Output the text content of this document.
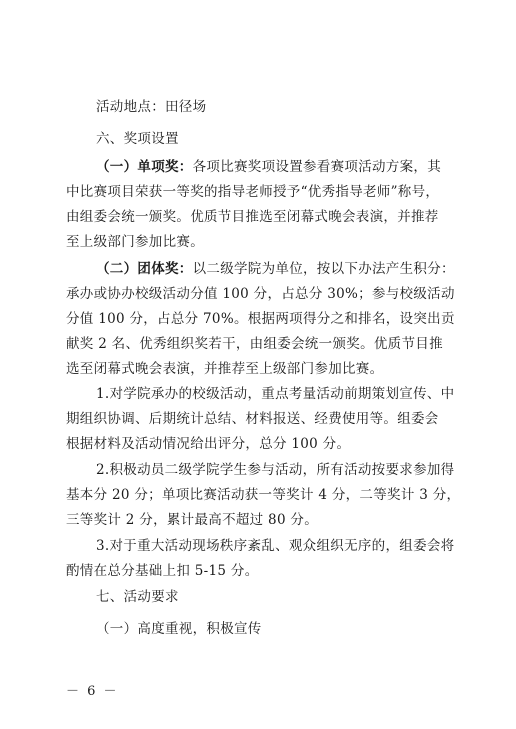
活动地点：田径场
六、奖项设置
（一）单项奖：各项比赛奖项设置参看赛项活动方案，其
中比赛项目荣获一等奖的指导老师授予“优秀指导老师”称号，
由组委会统一颁奖。优质节目推选至闭幕式晚会表演，并推荐
至上级部门参加比赛。
（二）团体奖：以二级学院为单位，按以下办法产生积分：
承办或协办校级活动分值 100 分，占总分 30%；参与校级活动
分值 100 分，占总分 70%。根据两项得分之和排名，设突出贡
献奖 2 名、优秀组织奖若干，由组委会统一颁奖。优质节目推
选至闭幕式晚会表演，并推荐至上级部门参加比赛。
1.对学院承办的校级活动，重点考量活动前期策划宣传、中
期组织协调、后期统计总结、材料报送、经费使用等。组委会
根据材料及活动情况给出评分，总分 100 分。
2.积极动员二级学院学生参与活动，所有活动按要求参加得
基本分 20 分；单项比赛活动获一等奖计 4 分，二等奖计 3 分，
三等奖计 2 分，累计最高不超过 80 分。
3.对于重大活动现场秩序紊乱、观众组织无序的，组委会将
酌情在总分基础上扣 5-15 分。
七、活动要求
（一）高度重视，积极宣传
－ 6 －
